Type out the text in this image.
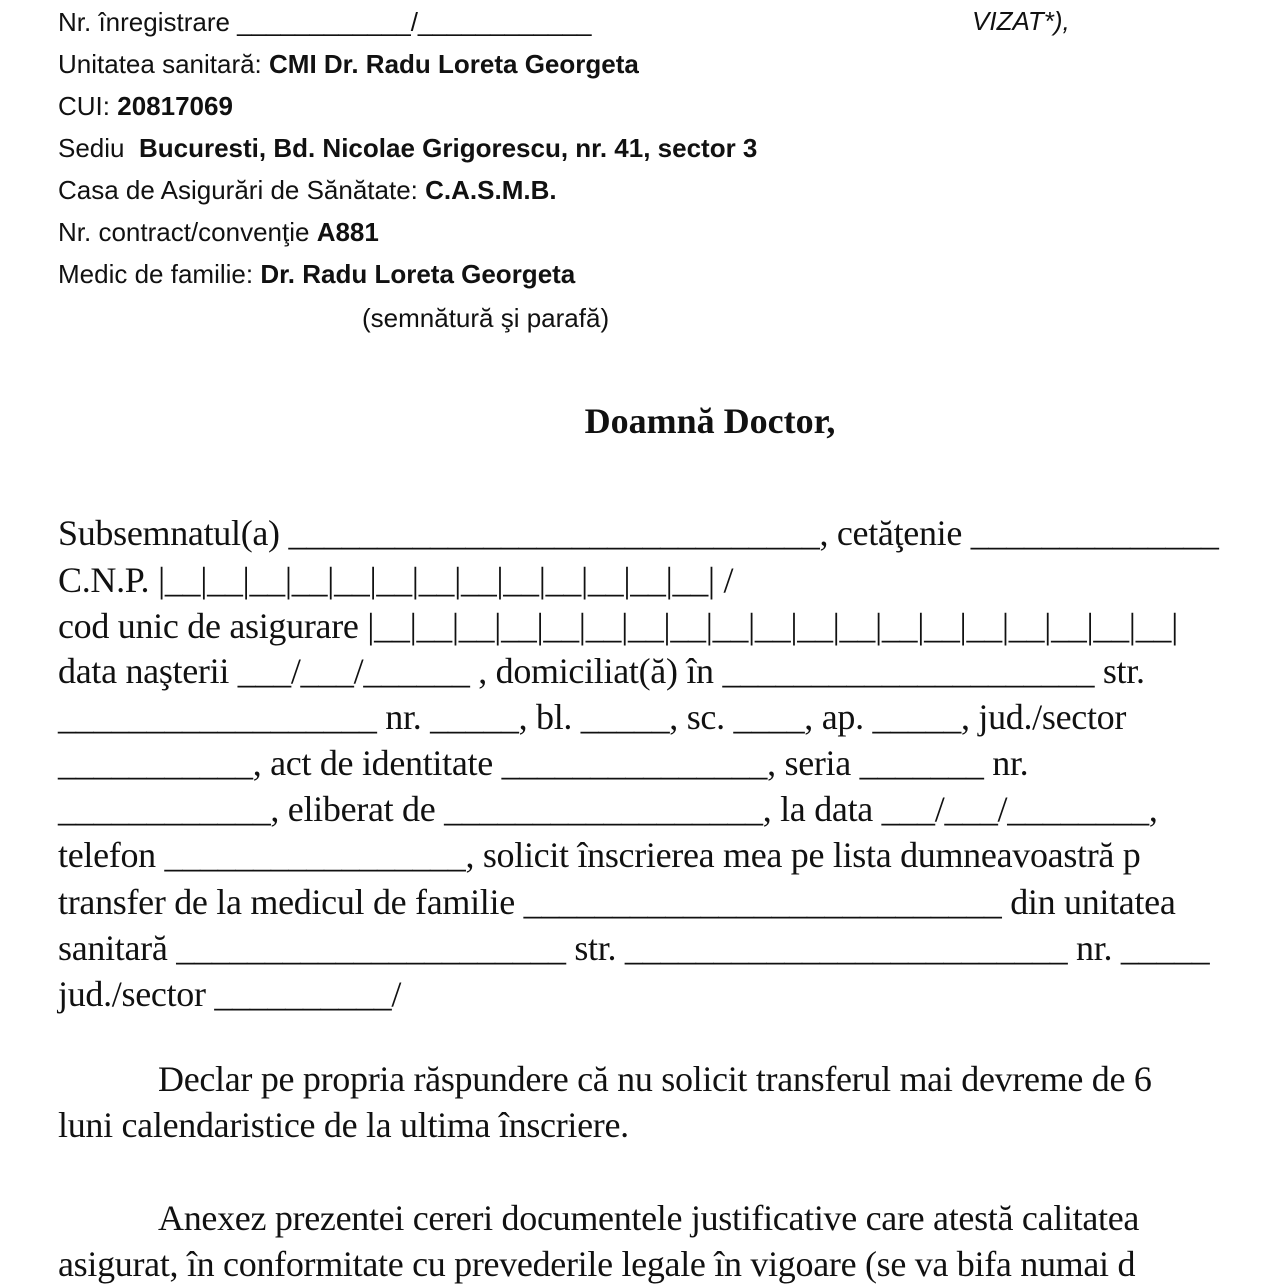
Nr. înregistrare ____________/____________	VIZAT*),
Unitatea sanitară: CMI Dr. Radu Loreta Georgeta
CUI: 20817069
Sediu  Bucuresti, Bd. Nicolae Grigorescu, nr. 41, sector 3
Casa de Asigurări de Sănătate: C.A.S.M.B.
Nr. contract/convenţie A881
Medic de familie: Dr. Radu Loreta Georgeta
(semnătură şi parafă)
Doamnă Doctor,
Subsemnatul(a) ______________________________, cetăţenie ______________
C.N.P. |__|__|__|__|__|__|__|__|__|__|__|__|__| /
cod unic de asigurare |__|__|__|__|__|__|__|__|__|__|__|__|__|__|__|__|__|__|__|
data naşterii ___/___/______ , domiciliat(ă) în _____________________ str.
__________________ nr. _____, bl. _____, sc. ____, ap. _____, jud./sector
___________, act de identitate _______________, seria _______ nr.
____________, eliberat de __________________, la data ___/___/________,
telefon _________________, solicit înscrierea mea pe lista dumneavoastră p
transfer de la medicul de familie ___________________________ din unitatea
sanitară ______________________ str. _________________________ nr. _____
jud./sector __________/
Declar pe propria răspundere că nu solicit transferul mai devreme de 6
luni calendaristice de la ultima înscriere.
Anexez prezentei cereri documentele justificative care atestă calitatea
asigurat, în conformitate cu prevederile legale în vigoare (se va bifa numai d
